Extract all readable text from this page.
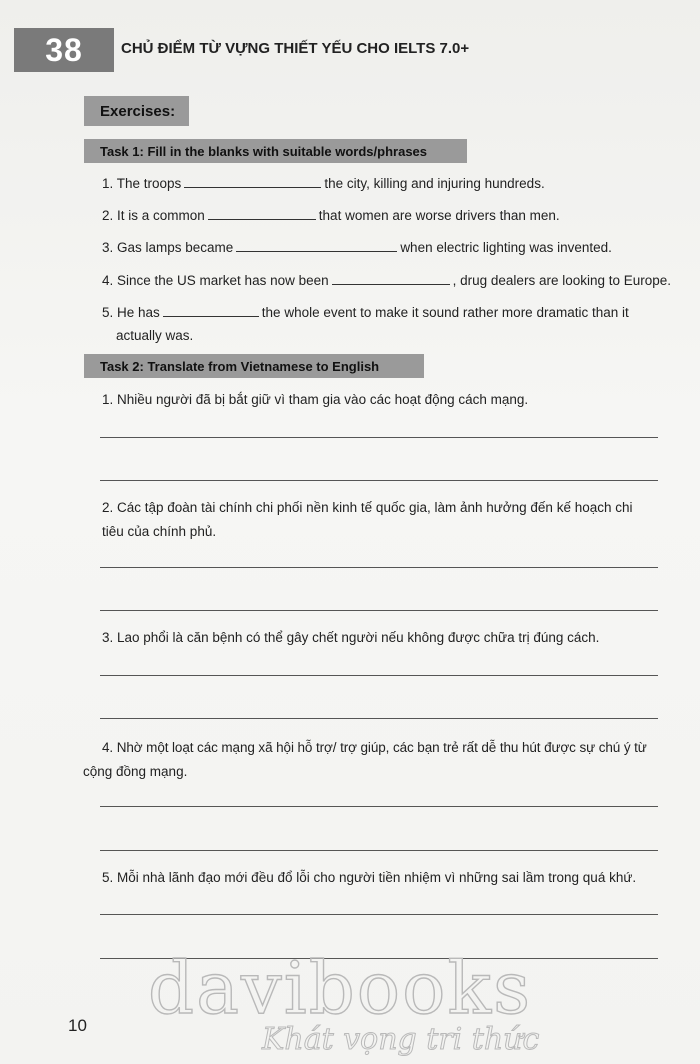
38	CHỦ ĐIỂM TỪ VỰNG THIẾT YẾU CHO IELTS 7.0+
Exercises:
Task 1: Fill in the blanks with suitable words/phrases
1. The troops	the city, killing and injuring hundreds.
2. It is a common	that women are worse drivers than men.
3. Gas lamps became	when electric lighting was invented.
4. Since the US market has now been	, drug dealers are looking to Europe.
5. He has	the whole event to make it sound rather more dramatic than it
actually was.
Task 2: Translate from Vietnamese to English
1. Nhiều người đã bị bắt giữ vì tham gia vào các hoạt động cách mạng.
2. Các tập đoàn tài chính chi phối nền kinh tế quốc gia, làm ảnh hưởng đến kế hoạch chi
tiêu của chính phủ.
3. Lao phổi là căn bệnh có thể gây chết người nếu không được chữa trị đúng cách.
4. Nhờ một loạt các mạng xã hội hỗ trợ/ trợ giúp, các bạn trẻ rất dễ thu hút được sự chú ý từ
cộng đồng mạng.
5. Mỗi nhà lãnh đạo mới đều đổ lỗi cho người tiền nhiệm vì những sai lầm trong quá khứ.
davibooks
Khát vọng tri thức
10
